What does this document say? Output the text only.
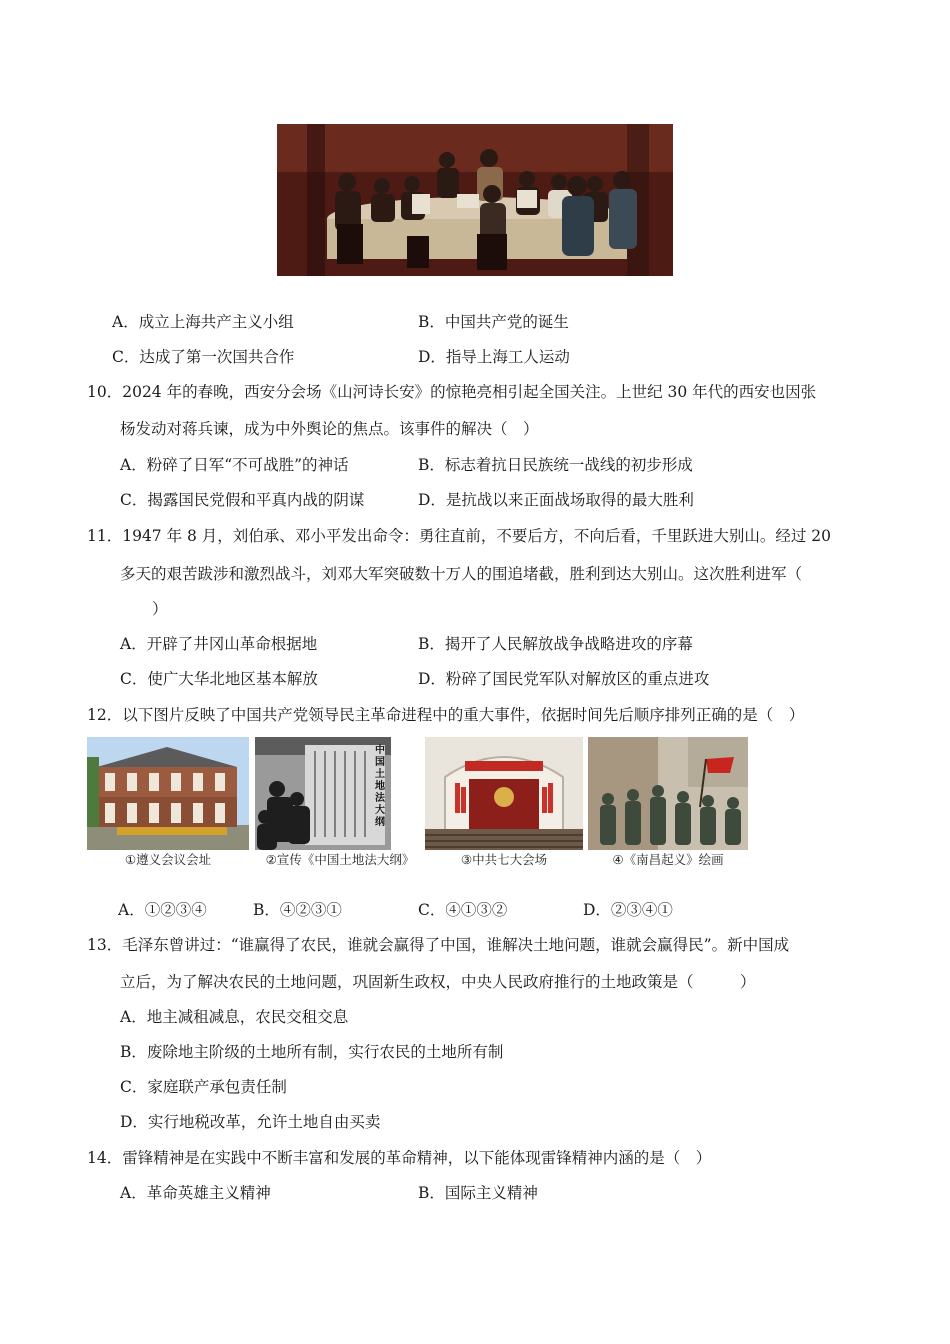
A．成立上海共产主义小组	B．中国共产党的诞生
C．达成了第一次国共合作	D．指导上海工人运动
10．2024 年的春晚，西安分会场《山河诗长安》的惊艳亮相引起全国关注。上世纪 30 年代的西安也因张
杨发动对蒋兵谏，成为中外舆论的焦点。该事件的解决（　）
A．粉碎了日军“不可战胜”的神话	B．标志着抗日民族统一战线的初步形成
C．揭露国民党假和平真内战的阴谋	D．是抗战以来正面战场取得的最大胜利
11．1947 年 8 月，刘伯承、邓小平发出命令：勇往直前，不要后方，不向后看，千里跃进大别山。经过 20
多天的艰苦跋涉和激烈战斗，刘邓大军突破数十万人的围追堵截，胜利到达大别山。这次胜利进军（
）
A．开辟了井冈山革命根据地	B．揭开了人民解放战争战略进攻的序幕
C．使广大华北地区基本解放	D．粉碎了国民党军队对解放区的重点进攻
12．以下图片反映了中国共产党领导民主革命进程中的重大事件，依据时间先后顺序排列正确的是（　）
中国土地法大纲
①遵义会议会址	②宣传《中国土地法大纲》	③中共七大会场	④《南昌起义》绘画
A．①②③④	B．④②③①	C．④①③②	D．②③④①
13．毛泽东曾讲过：“谁赢得了农民，谁就会赢得了中国，谁解决土地问题，谁就会赢得民”。新中国成
立后，为了解决农民的土地问题，巩固新生政权，中央人民政府推行的土地政策是（　　　）
A．地主减租减息，农民交租交息
B．废除地主阶级的土地所有制，实行农民的土地所有制
C．家庭联产承包责任制
D．实行地税改革，允许土地自由买卖
14．雷锋精神是在实践中不断丰富和发展的革命精神，以下能体现雷锋精神内涵的是（　）
A．革命英雄主义精神	B．国际主义精神
